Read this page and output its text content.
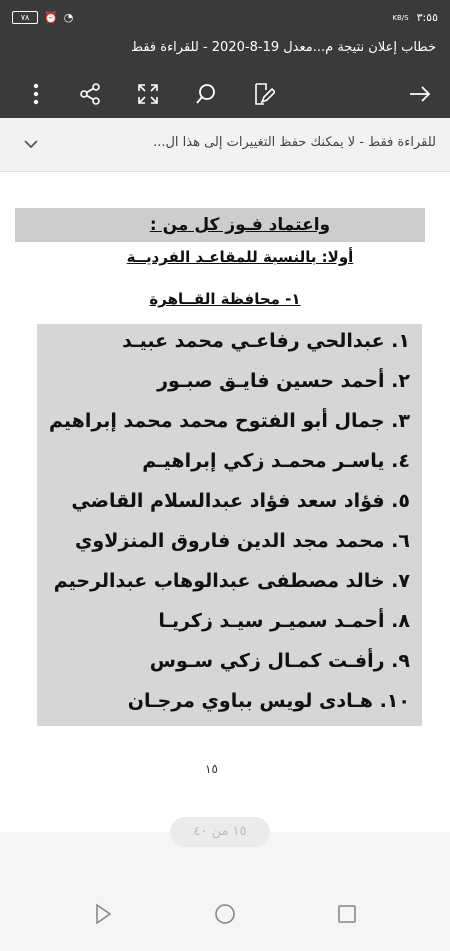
٧٨	⏰ ◔	KB/S ٣:٥٥
خطاب إعلان نتيجة م...معدل 19-8-2020 - للقراءة فقط
للقراءة فقط - لا يمكنك حفظ التغييرات إلى هذا ال...
واعتماد فـوز كل من :
أولا: بالنسبة للمقاعـد الفرديــة
١- محافظة القــاهرة
١. عبدالحي رفاعـي محمد عبيـد
٢. أحمد حسين فايـق صبـور
٣. جمال أبو الفتوح محمد محمد إبراهيم
٤. ياسـر محمـد زكي إبراهيـم
٥. فؤاد سعد فؤاد عبدالسلام القاضي
٦. محمد مجد الدين فاروق المنزلاوي
٧. خالد مصطفى عبدالوهاب عبدالرحيم
٨. أحمـد سميـر سيـد زكريـا
٩. رأفـت كمـال زكي سـوس
١٠. هـادى لويس بباوي مرجـان
١٥
١٥ من ٤٠
